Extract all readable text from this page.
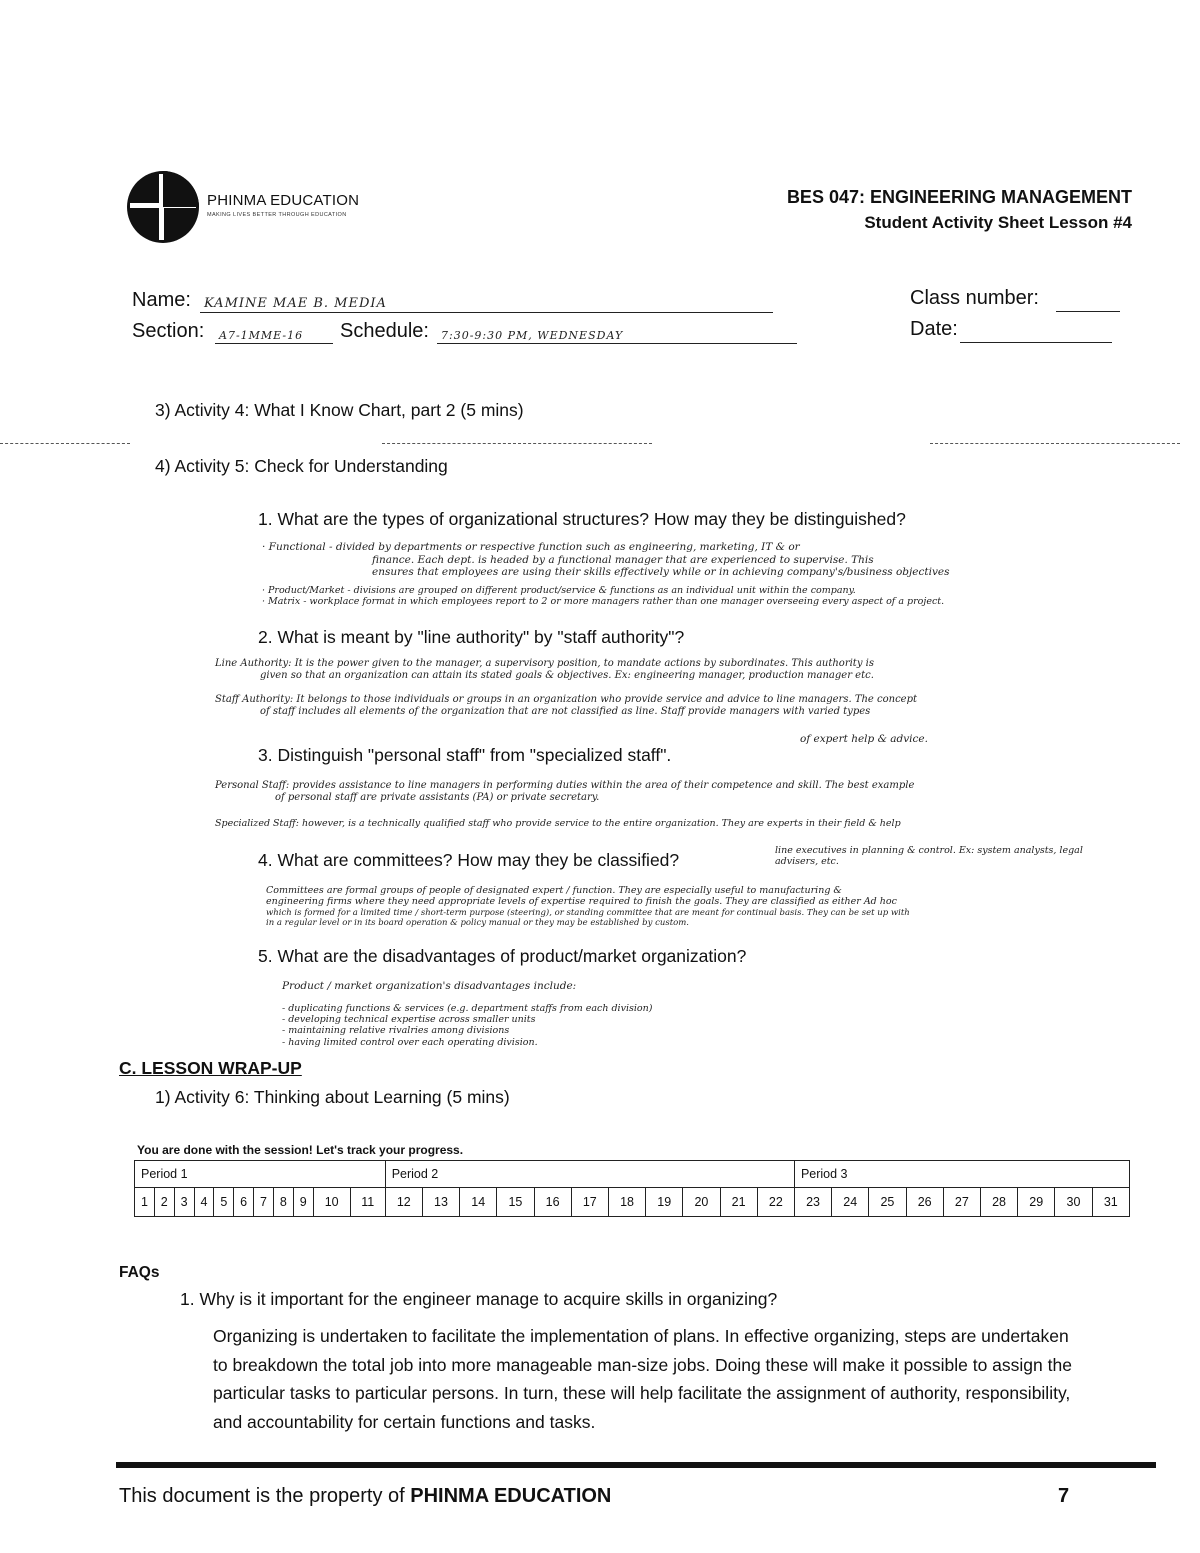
PHINMA EDUCATION
MAKING LIVES BETTER THROUGH EDUCATION
BES 047: ENGINEERING MANAGEMENT
Student Activity Sheet Lesson #4
Name: KAMINE MAE B. MEDIA
Section: A7-1MME-16 Schedule: 7:30-9:30 PM, WEDNESDAY
Class number:
Date:
3) Activity 4: What I Know Chart, part 2 (5 mins)
4) Activity 5: Check for Understanding
1. What are the types of organizational structures? How may they be distinguished?
· Functional - divided by departments or respective function such as engineering, marketing, IT & or
finance. Each dept. is headed by a functional manager that are experienced to supervise. This
ensures that employees are using their skills effectively while or in achieving company's/business objectives
· Product/Market - divisions are grouped on different product/service & functions as an individual unit within the company.
· Matrix - workplace format in which employees report to 2 or more managers rather than one manager overseeing every aspect of a project.
2. What is meant by "line authority" by "staff authority"?
Line Authority: It is the power given to the manager, a supervisory position, to mandate actions by subordinates. This authority is
given so that an organization can attain its stated goals & objectives. Ex: engineering manager, production manager etc.
Staff Authority: It belongs to those individuals or groups in an organization who provide service and advice to line managers. The concept
of staff includes all elements of the organization that are not classified as line. Staff provide managers with varied types
of expert help & advice.
3. Distinguish "personal staff" from "specialized staff".
Personal Staff: provides assistance to line managers in performing duties within the area of their competence and skill. The best example
of personal staff are private assistants (PA) or private secretary.
Specialized Staff: however, is a technically qualified staff who provide service to the entire organization. They are experts in their field & help
line executives in planning & control. Ex: system analysts, legal advisers, etc.
4. What are committees? How may they be classified?
Committees are formal groups of people of designated expert / function. They are especially useful to manufacturing &
engineering firms where they need appropriate levels of expertise required to finish the goals. They are classified as either Ad hoc
which is formed for a limited time / short-term purpose (steering), or standing committee that are meant for continual basis. They can be set up with
in a regular level or in its board operation & policy manual or they may be established by custom.
5. What are the disadvantages of product/market organization?
Product / market organization's disadvantages include:
- duplicating functions & services (e.g. department staffs from each division)
- developing technical expertise across smaller units
- maintaining relative rivalries among divisions
- having limited control over each operating division.
C. LESSON WRAP-UP
1) Activity 6: Thinking about Learning (5 mins)
You are done with the session! Let's track your progress.
Period 1											Period 2											Period 3								
1	2	3	4	5	6	7	8	9	10	11	12	13	14	15	16	17	18	19	20	21	22	23	24	25	26	27	28	29	30	31
FAQs
1. Why is it important for the engineer manage to acquire skills in organizing?
Organizing is undertaken to facilitate the implementation of plans. In effective organizing, steps are undertaken to breakdown the total job into more manageable man-size jobs. Doing these will make it possible to assign the particular tasks to particular persons. In turn, these will help facilitate the assignment of authority, responsibility, and accountability for certain functions and tasks.
This document is the property of PHINMA EDUCATION	7
